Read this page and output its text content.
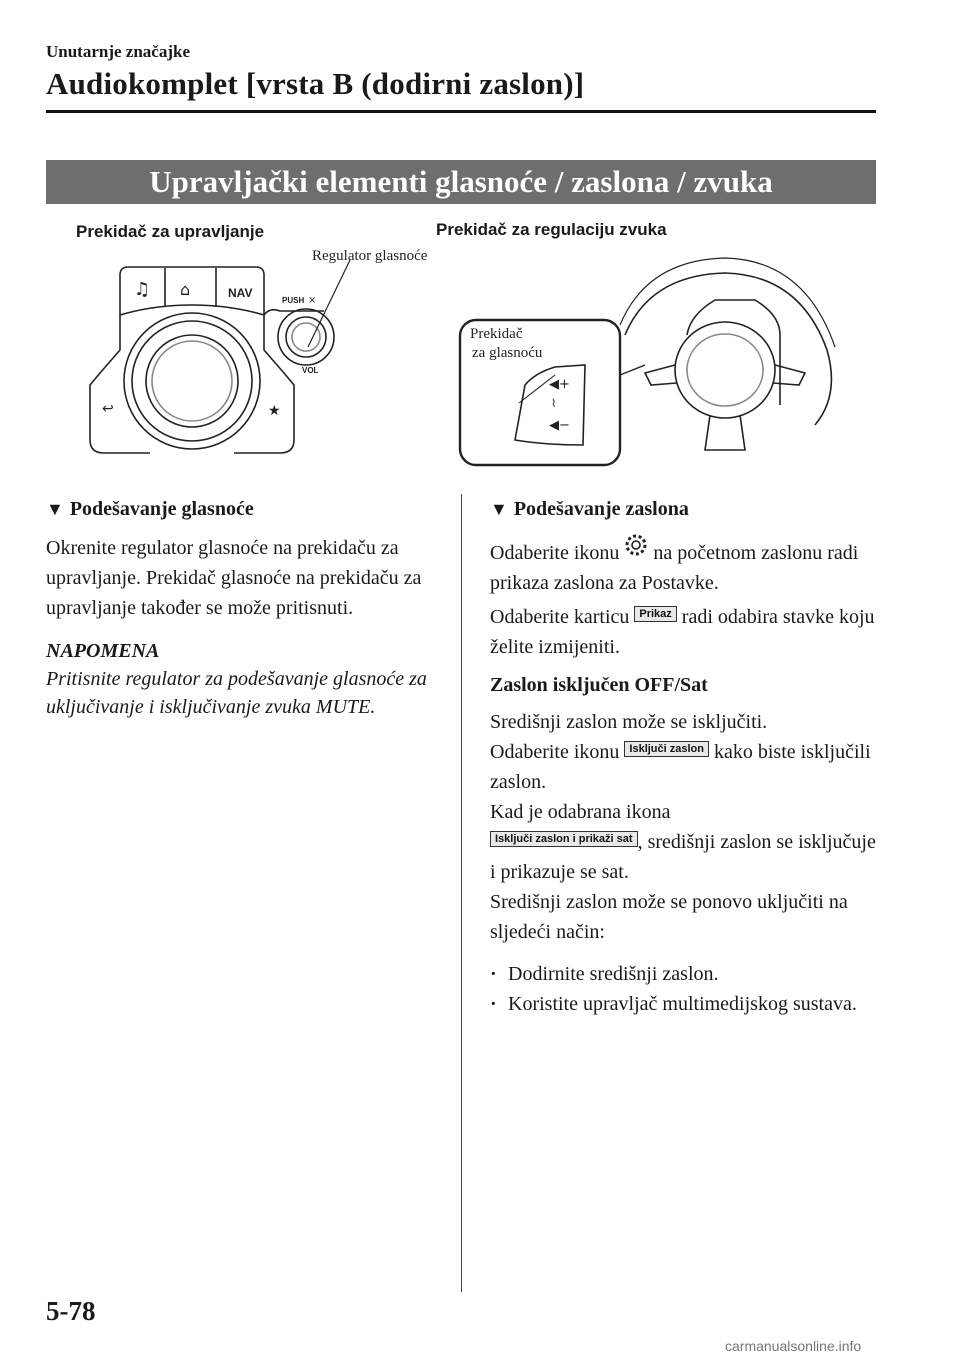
Unutarnje značajke
Audiokomplet [vrsta B (dodirni zaslon)]
Upravljački elementi glasnoće / zaslona / zvuka
Prekidač za upravljanje	Prekidač za regulaciju zvuka
Regulator glasnoće
♫ ⌂	NAV
PUSH ⨯
VOL
↩	★
◀+
⌇
◀−
Prekidač
za glasnoću
▼ Podešavanje glasnoće
Okrenite regulator glasnoće na prekidaču za upravljanje. Prekidač glasnoće na prekidaču za upravljanje također se može pritisnuti.
NAPOMENA
Pritisnite regulator za podešavanje glasnoće za uključivanje i isključivanje zvuka MUTE.
▼ Podešavanje zaslona
Odaberite ikonu na početnom zaslonu radi prikaza zaslona za Postavke.
Odaberite karticu Prikaz radi odabira stavke koju želite izmijeniti.
Zaslon isključen OFF/Sat
Središnji zaslon može se isključiti.
Odaberite ikonu Isključi zaslon kako biste isključili zaslon.
Kad je odabrana ikona
Isključi zaslon i prikaži sat , središnji zaslon se isključuje i prikazuje se sat.
Središnji zaslon može se ponovo uključiti na sljedeći način:
· Dodirnite središnji zaslon.
· Koristite upravljač multimedijskog sustava.
5-78
carmanualsonline.info
